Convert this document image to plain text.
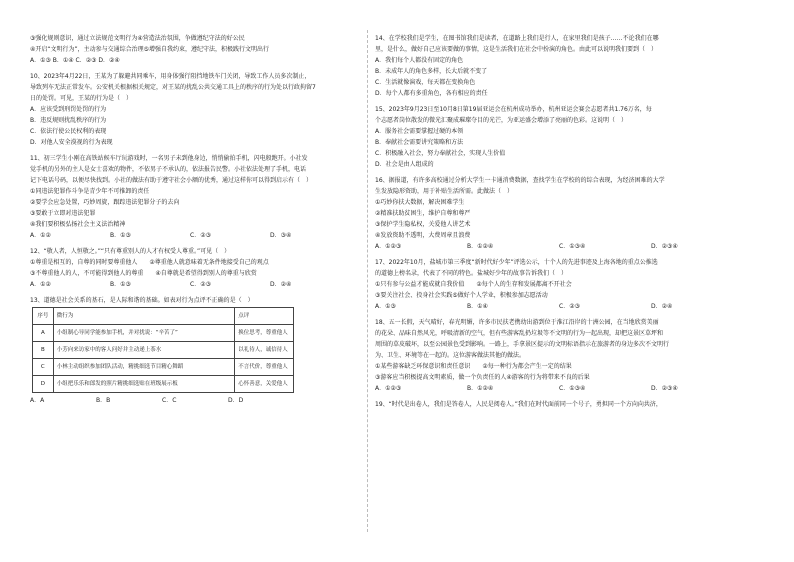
③强化规则意识，通过立法规范文明行为④营造法治氛围，争做遵纪守法的好公民
④开启“文明行为”，主动参与交通综合治理⑤增强自我约束，遵纪守法，积极践行文明出行
A．①③ B．①④ C．②③ D．②④
10、2023年4月22日，王某为了躲避共同乘车，用身体强行阻挡地铁车门关闭，导致工作人员多次制止，
导致列车无法正常发车。公安机关根据相关规定，对王某的扰乱公共交通工具上的秩序的行为处以行政拘留7
日的处罚。可见，王某的行为是（　）
A．应该受到刑罚处罚的行为
B．违反规则扰乱秩序的行为
C．依法行使公民权利的表现
D．对他人安全漠视的行为表现
11、初三学生小刚在高铁站候车厅玩游戏时，一名男子未到他身边，悄悄偷拍手机，闪电般跑开。小社发
觉手机的另外的主人是女士喜欢的物件，不依男子不承认的，依法报告民警。小社依法处理了手机，电话
记下电话号码，以便尽快找到。小社的做法有助于遵守社会小额的优秀，通过这样你可以得到启示有（　）
①同违法犯罪作斗争是青少年不可推卸的责任
②要学会应急处置，巧妙周旋，跟踪违法犯罪分子的去向
③要敢于立即对违法犯罪
④我们要积极弘扬社会主义法治精神
A．①②	B．①③	C．②③	D．③④
12、“敬人者，人恒敬之。”“只有尊重别人的人才有权受人尊重。”可见（　）
①尊重是相互的，自尊的同时要尊重他人　　②尊重他人就意味着无条件地接受自己的观点
③不尊重他人的人，不可能得到他人的尊重　　④自尊就是希望得到别人的尊重与欣赏
A．①②	B．①③	C．②③	D．②④
13、道德是社会关系的基石，是人际和谐的基础。如表对行为点评不正确的是（　）
序号	微行为	点评
A	小组制心导同学能参加手机，并对扰说：“辛苦了”	换位思考，尊重他人
B	小芳向来访家中的客人问好并主动递上茶水	以礼待人，诚信待人
C	小林主动组织参加团队活动，精挑细选节目精心舞蹈	不言代价，尊重他人
D	小组把乐乐和郎发的照片精挑细选贴在班级展示板	心怀善意，关爱他人
A．A	B．B	C．C	D．D
14、在学校我们是学生，在图书馆我们是读者，在道路上我们是行人，在家里我们是孩子……不论我们在哪
里，是什么，做好自己应该要做的事情，这是生活我们在社会中扮演的角色。由此可以说明我们要到（　）
A．我们每个人都没有固定的角色
B．未成年人的角色多样，长大后就不变了
C．生活就像演戏，每天都在变换角色
D．每个人都有多重角色，各有相应的责任
15、2023年9月23日至10月8日第19届亚运会在杭州成功举办，杭州亚运会赛会志愿者共1.76万名，每
个志愿者岗位散发的微光汇聚成璀璨夺目的光芒，为亚运盛会增添了亮丽的色彩。这说明（　）
A．服务社会需要掌握过硬的本领
B．奉献社会需要讲究策略和方法
C．积极融入社会，努力奉献社会，实现人生价值
D．社会是由人组成的
16、据报道，有许多高校通过分析大学生一卡通消费数据，查找学生在学校的的综合表现，为经济困难的大学
生发放隐形资助，用于补贴生活所需。此做法（　）
①巧妙你扶大数据，解决困难学生
②精准扶助贫困生，维护自尊和尊严
③保护学生隐私权，关爱他人讲艺术
④发放资助不透明，大费周章且浪费
A．①②③	B．①②④	C．①③④	D．②③④
17、2022年10月，盐城市第三季度“新时代好少年”评选公示，十个人的先进事迹及上海各地的重点公推选
的道德上榜名录，代表了不同的特色。盐城好少年的故事告诉我们（　）
①只有参与公益才能成就自我价值　　②每个人的生存和发展都离不开社会
③要关注社会、投身社会实践⑤做好个人学业，积极参加志愿活动
A．①③	B．①④	C．②③	D．②④
18、五一长假，天气晴好，春光明媚，许多市民扶老携幼出游到位于淮江沿岸的十洲公园，在当地欣赏美丽
的花朵、品味自然风光，呼吸清新的空气，但有些游客乱扔垃圾等不文明的行为一起出现，却把这景区草坪和
周围的草皮破坏，以至公园景色受到影响。一路上，手拿景区提示的文明标语指示在旅游者的身边多次不文明行
为、卫生、环境等在一起的。这位游客做法其他的做法。
①某些游客缺乏环保意识和责任意识　　②每一种行为都会产生一定的结果
③游客应当积极提高文明素质，做一个负责任的人④游客的行为将带来不良的后果
A．①②③	B．①②④	C．①③④	D．②③④
19、“时代是出卷人，我们是答卷人，人民是阅卷人。”我们在时代面前同一个号子，勇担同一个方向向共济，
